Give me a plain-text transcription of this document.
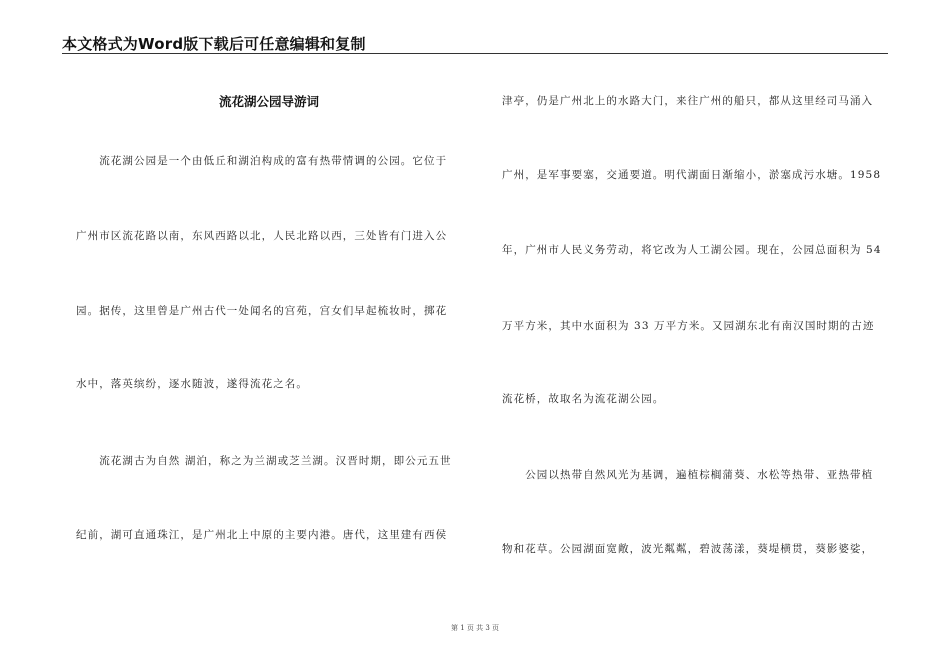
本文格式为Word版下载后可任意编辑和复制
流花湖公园导游词
　　流花湖公园是一个由低丘和湖泊构成的富有热带情调的公园。它位于
广州市区流花路以南，东风西路以北，人民北路以西，三处皆有门进入公
园。据传，这里曾是广州古代一处闻名的宫苑，宫女们早起梳妆时，掷花
水中，落英缤纷，逐水随波，遂得流花之名。
　　流花湖古为自然 湖泊，称之为兰湖或芝兰湖。汉晋时期，即公元五世
纪前，湖可直通珠江，是广州北上中原的主要内港。唐代，这里建有西侯
津亭，仍是广州北上的水路大门，来往广州的船只，都从这里经司马涌入
广州，是军事要塞，交通要道。明代湖面日渐缩小，淤塞成污水塘。1958
年，广州市人民义务劳动，将它改为人工湖公园。现在，公园总面积为 54
万平方米，其中水面积为 33 万平方米。又园湖东北有南汉国时期的古迹
流花桥，故取名为流花湖公园。
　　公园以热带自然风光为基调，遍植棕榈蒲葵、水松等热带、亚热带植
物和花草。公园湖面宽敞，波光粼粼，碧波荡漾，葵堤横贯，葵影婆娑，
第 1 页 共 3 页
